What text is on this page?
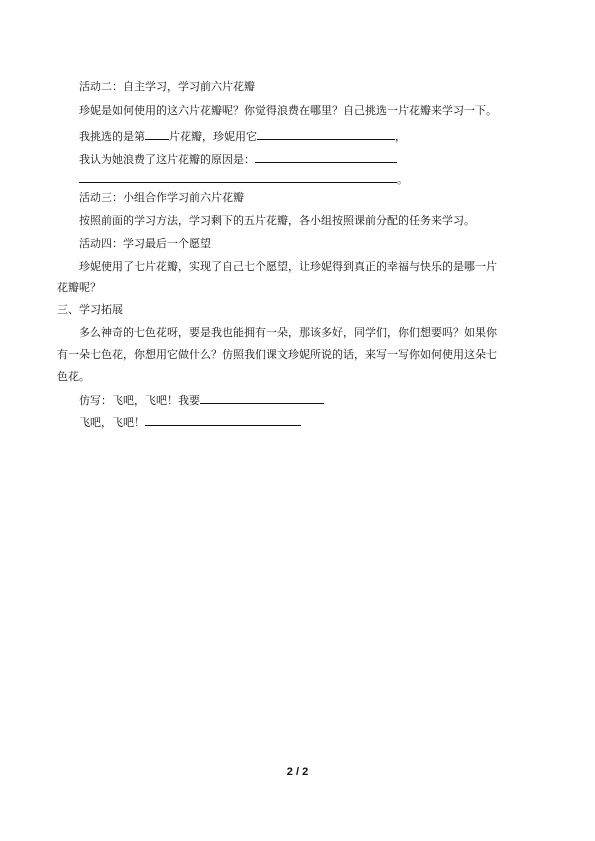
活动二：自主学习，学习前六片花瓣

珍妮是如何使用的这六片花瓣呢？你觉得浪费在哪里？自己挑选一片花瓣来学习一下。

我挑选的是第 片花瓣，珍妮用它	，

我认为她浪费了这片花瓣的原因是：

。

活动三：小组合作学习前六片花瓣

按照前面的学习方法，学习剩下的五片花瓣，各小组按照课前分配的任务来学习。

活动四：学习最后一个愿望

珍妮使用了七片花瓣，实现了自己七个愿望，让珍妮得到真正的幸福与快乐的是哪一片

花瓣呢？

三、学习拓展

多么神奇的七色花呀，要是我也能拥有一朵，那该多好，同学们，你们想要吗？如果你

有一朵七色花，你想用它做什么？仿照我们课文珍妮所说的话，来写一写你如何使用这朵七

色花。

仿写：飞吧，飞吧！我要

飞吧，飞吧！

2 / 2
